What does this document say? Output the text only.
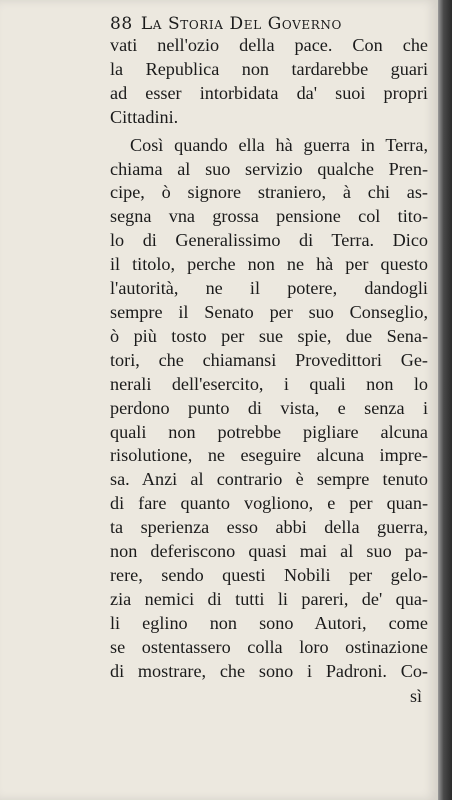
88 La Storia Del Governo
vati nell'ozio della pace. Con che
la Republica non tardarebbe guari
ad esser intorbidata da' suoi propri
Cittadini.
Così quando ella hà guerra in Terra,
chiama al suo servizio qualche Pren-
cipe, ò signore straniero, à chi as-
segna vna grossa pensione col tito-
lo di Generalissimo di Terra. Dico
il titolo, perche non ne hà per questo
l'autorità, ne il potere, dandogli
sempre il Senato per suo Conseglio,
ò più tosto per sue spie, due Sena-
tori, che chiamansi Provedittori Ge-
nerali dell'esercito, i quali non lo
perdono punto di vista, e senza i
quali non potrebbe pigliare alcuna
risolutione, ne eseguire alcuna impre-
sa. Anzi al contrario è sempre tenuto
di fare quanto vogliono, e per quan-
ta sperienza esso abbi della guerra,
non deferiscono quasi mai al suo pa-
rere, sendo questi Nobili per gelo-
zia nemici di tutti li pareri, de' qua-
li eglino non sono Autori, come
se ostentassero colla loro ostinazione
di mostrare, che sono i Padroni. Co-
sì
